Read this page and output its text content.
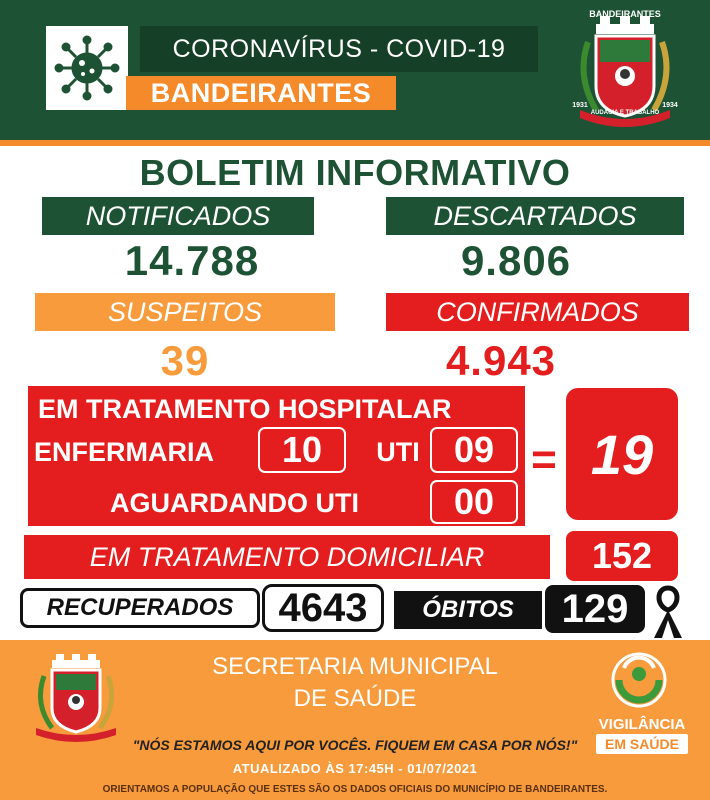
CORONAVÍRUS - COVID-19
BANDEIRANTES
BANDEIRANTES
AUDÁCIA E TRABALHO
1931	1934
BOLETIM INFORMATIVO
NOTIFICADOS	DESCARTADOS
14.788	9.806
SUSPEITOS	CONFIRMADOS
39	4.943
EM TRATAMENTO HOSPITALAR
ENFERMARIA	10	UTI 09
AGUARDANDO UTI	00
= 19
EM TRATAMENTO DOMICILIAR	152
RECUPERADOS	4643	ÓBITOS	129
SECRETARIA MUNICIPAL
DE SAÚDE
VIGILÂNCIA
EM SAÚDE
"NÓS ESTAMOS AQUI POR VOCÊS. FIQUEM EM CASA POR NÓS!"
ATUALIZADO ÀS 17:45H - 01/07/2021
ORIENTAMOS A POPULAÇÃO QUE ESTES SÃO OS DADOS OFICIAIS DO MUNICÍPIO DE BANDEIRANTES.
